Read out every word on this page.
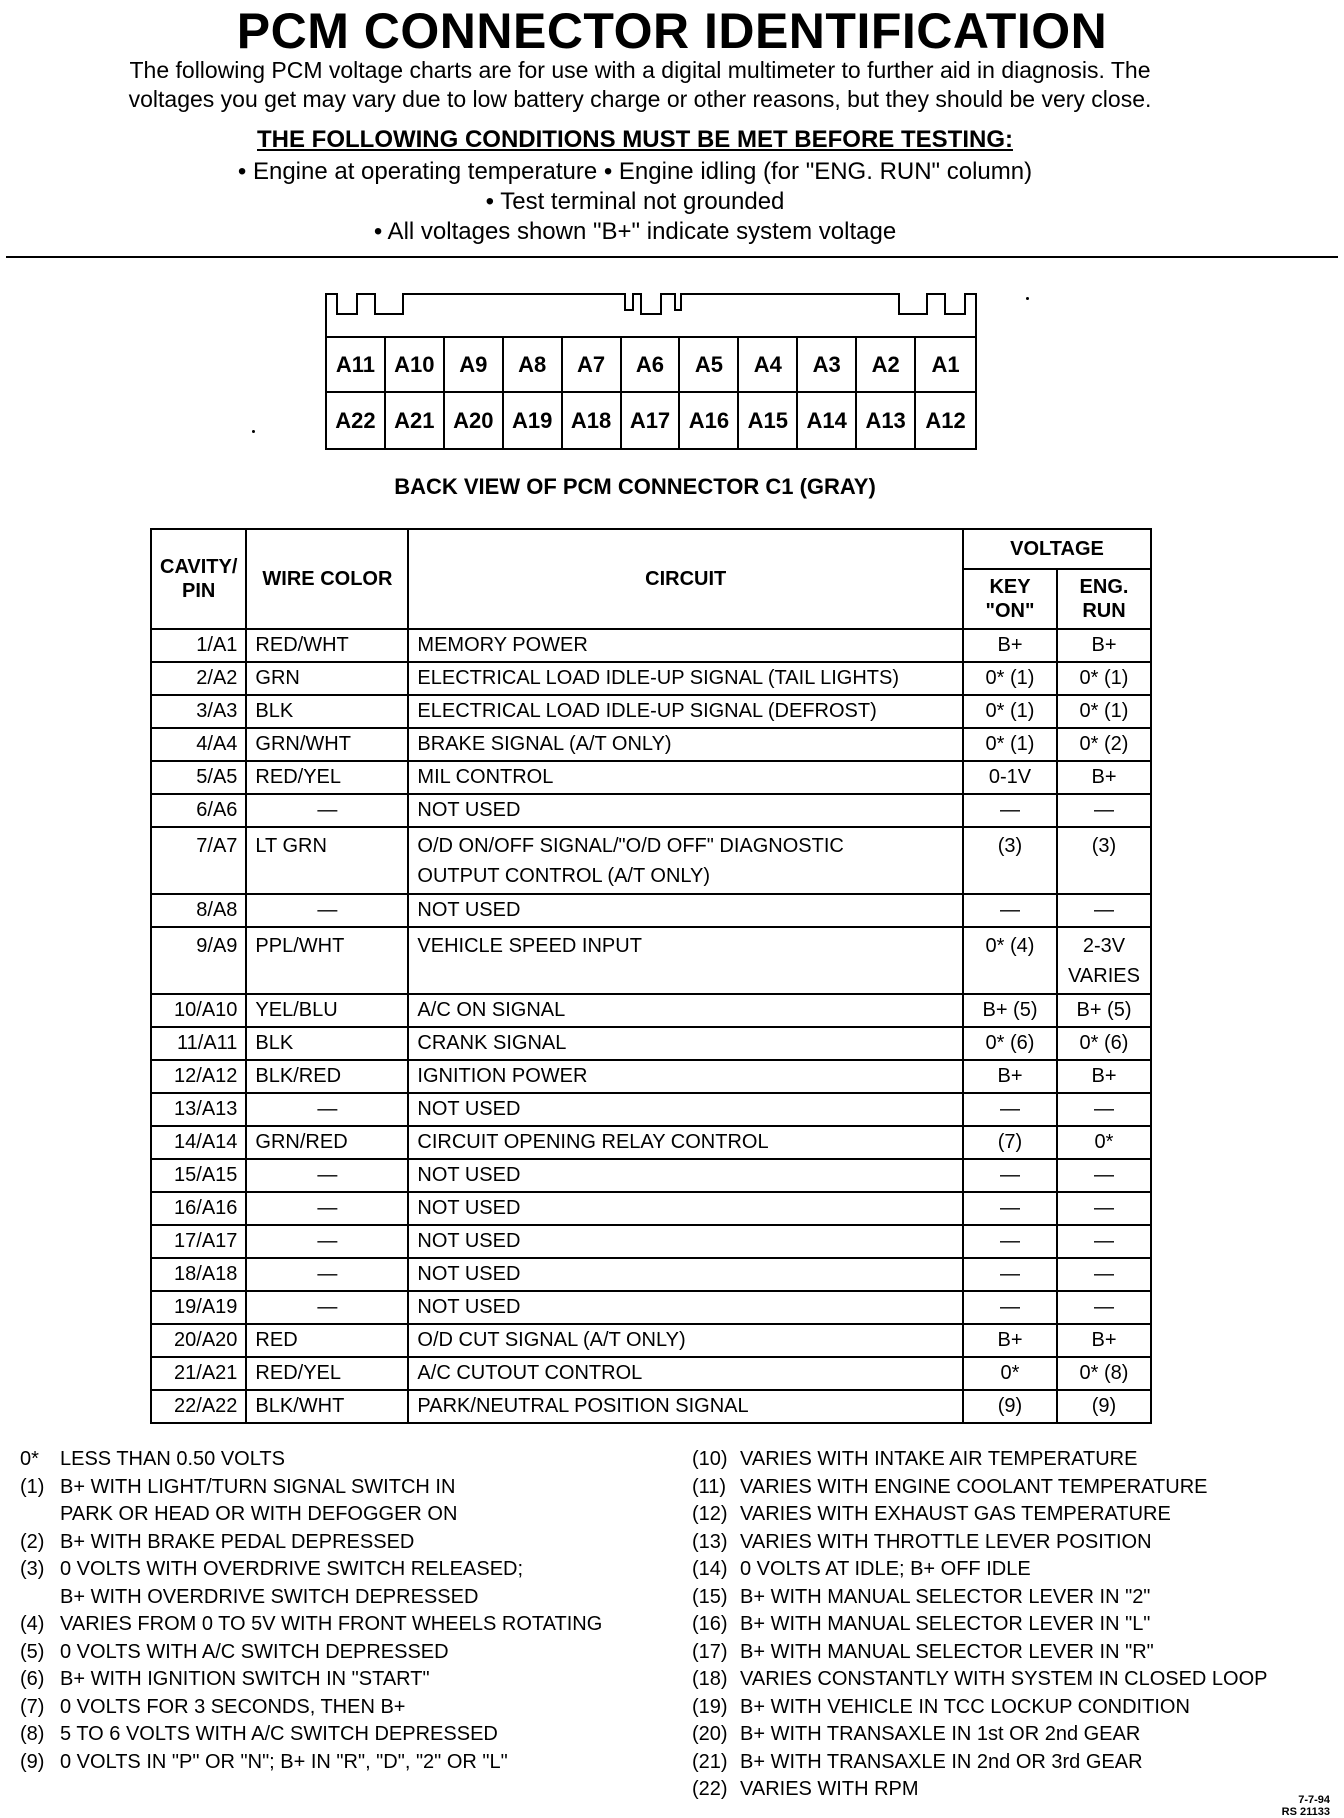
PCM CONNECTOR IDENTIFICATION
The following PCM voltage charts are for use with a digital multimeter to further aid in diagnosis. The
voltages you get may vary due to low battery charge or other reasons, but they should be very close.
THE FOLLOWING CONDITIONS MUST BE MET BEFORE TESTING:
• Engine at operating temperature • Engine idling (for "ENG. RUN" column)
• Test terminal not grounded
• All voltages shown "B+" indicate system voltage
A11 A10	A9	A8	A7	A6	A5	A4	A3	A2	A1
A22 A21 A20 A19 A18 A17 A16 A15 A14 A13 A12
BACK VIEW OF PCM CONNECTOR C1 (GRAY)
CAVITY/ PIN	WIRE COLOR	CIRCUIT	VOLTAGE	
			KEY "ON"	ENG. RUN
1/A1	RED/WHT	MEMORY POWER	B+	B+
2/A2	GRN	ELECTRICAL LOAD IDLE-UP SIGNAL (TAIL LIGHTS)	0* (1)	0* (1)
3/A3	BLK	ELECTRICAL LOAD IDLE-UP SIGNAL (DEFROST)	0* (1)	0* (1)
4/A4	GRN/WHT	BRAKE SIGNAL (A/T ONLY)	0* (1)	0* (2)
5/A5	RED/YEL	MIL CONTROL	0-1V	B+
6/A6	—	NOT USED	—	—
7/A7	LT GRN	O/D ON/OFF SIGNAL/"O/D OFF" DIAGNOSTIC
OUTPUT CONTROL (A/T ONLY)	(3)	(3)
8/A8	—	NOT USED	—	—
9/A9	PPL/WHT	VEHICLE SPEED INPUT	0* (4)	2-3V
VARIES
10/A10	YEL/BLU	A/C ON SIGNAL	B+ (5)	B+ (5)
11/A11	BLK	CRANK SIGNAL	0* (6)	0* (6)
12/A12	BLK/RED	IGNITION POWER	B+	B+
13/A13	—	NOT USED	—	—
14/A14	GRN/RED	CIRCUIT OPENING RELAY CONTROL	(7)	0*
15/A15	—	NOT USED	—	—
16/A16	—	NOT USED	—	—
17/A17	—	NOT USED	—	—
18/A18	—	NOT USED	—	—
19/A19	—	NOT USED	—	—
20/A20	RED	O/D CUT SIGNAL (A/T ONLY)	B+	B+
21/A21	RED/YEL	A/C CUTOUT CONTROL	0*	0* (8)
22/A22	BLK/WHT	PARK/NEUTRAL POSITION SIGNAL	(9)	(9)
0*	LESS THAN 0.50 VOLTS
(1) B+ WITH LIGHT/TURN SIGNAL SWITCH IN
PARK OR HEAD OR WITH DEFOGGER ON
(2) B+ WITH BRAKE PEDAL DEPRESSED
(3) 0 VOLTS WITH OVERDRIVE SWITCH RELEASED;
B+ WITH OVERDRIVE SWITCH DEPRESSED
(4) VARIES FROM 0 TO 5V WITH FRONT WHEELS ROTATING
(5) 0 VOLTS WITH A/C SWITCH DEPRESSED
(6) B+ WITH IGNITION SWITCH IN "START"
(7) 0 VOLTS FOR 3 SECONDS, THEN B+
(8) 5 TO 6 VOLTS WITH A/C SWITCH DEPRESSED
(9) 0 VOLTS IN "P" OR "N"; B+ IN "R", "D", "2" OR "L"
(10) VARIES WITH INTAKE AIR TEMPERATURE
(11) VARIES WITH ENGINE COOLANT TEMPERATURE
(12) VARIES WITH EXHAUST GAS TEMPERATURE
(13) VARIES WITH THROTTLE LEVER POSITION
(14) 0 VOLTS AT IDLE; B+ OFF IDLE
(15) B+ WITH MANUAL SELECTOR LEVER IN "2"
(16) B+ WITH MANUAL SELECTOR LEVER IN "L"
(17) B+ WITH MANUAL SELECTOR LEVER IN "R"
(18) VARIES CONSTANTLY WITH SYSTEM IN CLOSED LOOP
(19) B+ WITH VEHICLE IN TCC LOCKUP CONDITION
(20) B+ WITH TRANSAXLE IN 1st OR 2nd GEAR
(21) B+ WITH TRANSAXLE IN 2nd OR 3rd GEAR
(22) VARIES WITH RPM	7-7-94
RS 21133
